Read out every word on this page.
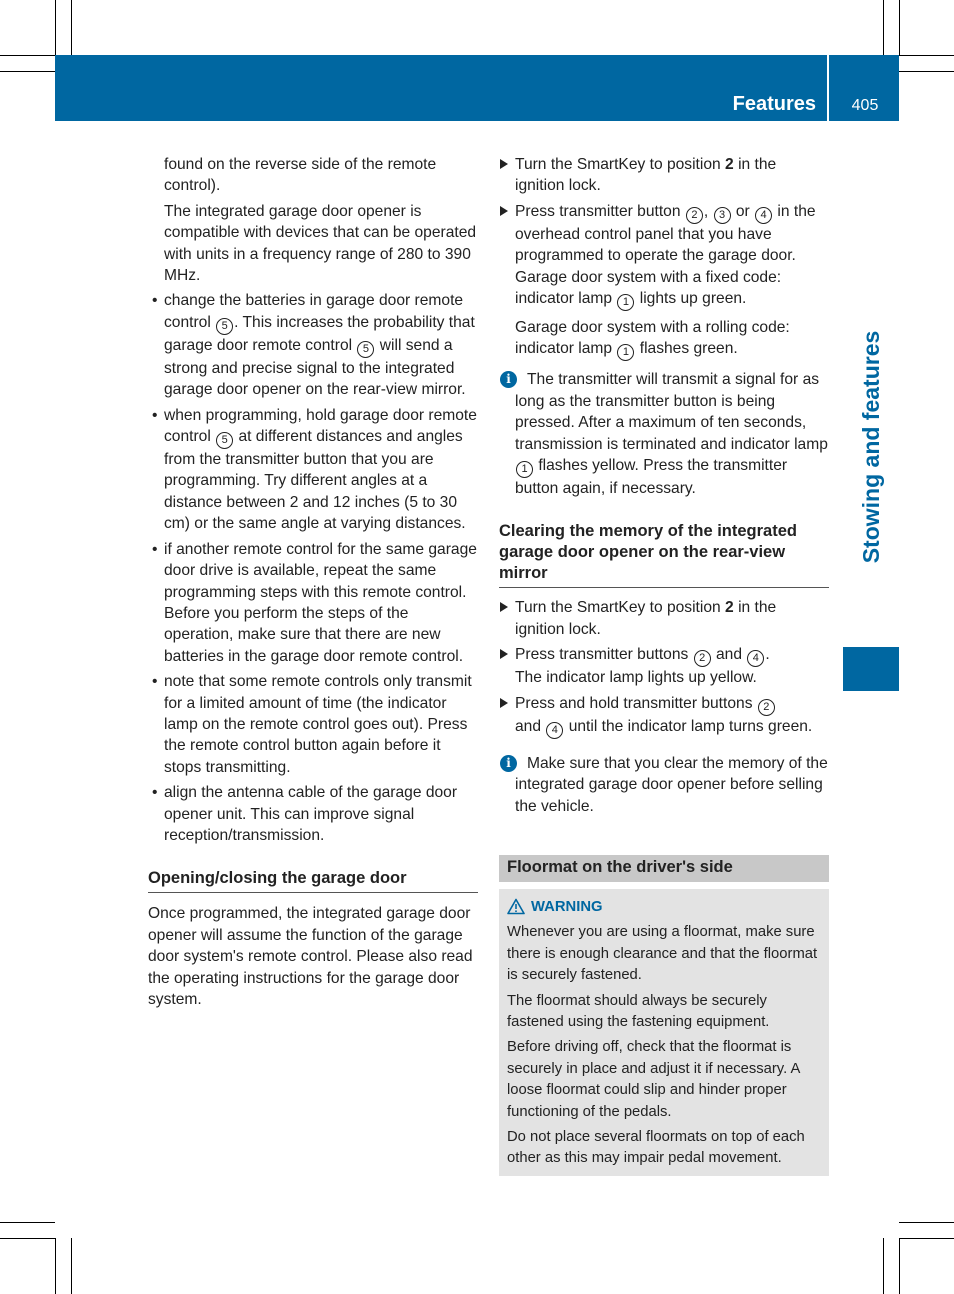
Features	405
Stowing and features

found on the reverse side of the remote control).

The integrated garage door opener is compatible with devices that can be operated with units in a frequency range of 280 to 390 MHz.

• change the batteries in garage door remote control 5 . This increases the probability that garage door remote control 5 will send a strong and precise signal to the integrated garage door opener on the rear-view mirror.

• when programming, hold garage door remote control 5 at different distances and angles from the transmitter button that you are programming. Try different angles at a distance between 2 and 12 inches (5 to 30 cm) or the same angle at varying distances.

• if another remote control for the same garage door drive is available, repeat the same programming steps with this remote control. Before you perform the steps of the operation, make sure that there are new batteries in the garage door remote control.

• note that some remote controls only transmit for a limited amount of time (the indicator lamp on the remote control goes out). Press the remote control button again before it stops transmitting.

• align the antenna cable of the garage door opener unit. This can improve signal reception/transmission.

Opening/closing the garage door

Once programmed, the integrated garage door opener will assume the function of the garage door system's remote control. Please also read the operating instructions for the garage door system.

Turn the SmartKey to position 2 in the ignition lock.

Press transmitter button 2 , 3 or 4 in the overhead control panel that you have programmed to operate the garage door.
Garage door system with a fixed code: indicator lamp 1 lights up green.

Garage door system with a rolling code: indicator lamp 1 flashes green.

i	The transmitter will transmit a signal for as long as the transmitter button is being pressed. After a maximum of ten seconds, transmission is terminated and indicator lamp 1 flashes yellow. Press the transmitter button again, if necessary.

Clearing the memory of the integrated garage door opener on the rear-view mirror

Turn the SmartKey to position 2 in the ignition lock.

Press transmitter buttons 2 and 4 .
The indicator lamp lights up yellow.

Press and hold transmitter buttons 2
and 4 until the indicator lamp turns green.

i	Make sure that you clear the memory of the integrated garage door opener before selling the vehicle.

Floormat on the driver's side

WARNING

Whenever you are using a floormat, make sure there is enough clearance and that the floormat is securely fastened.

The floormat should always be securely fastened using the fastening equipment.

Before driving off, check that the floormat is securely in place and adjust it if necessary. A loose floormat could slip and hinder proper functioning of the pedals.

Do not place several floormats on top of each other as this may impair pedal movement.
